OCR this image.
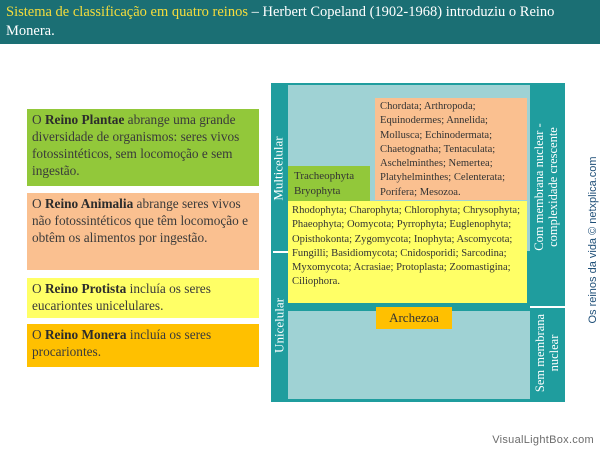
Sistema de classificação em quatro reinos – Herbert Copeland (1902-1968) introduziu o Reino Monera.
O Reino Plantae abrange uma grande diversidade de organismos: seres vivos fotossintéticos, sem locomoção e sem ingestão.
O Reino Animalia abrange seres vivos não fotossintéticos que têm locomoção e obtêm os alimentos por ingestão.
O Reino Protista incluía os seres eucariontes unicelulares.
O Reino Monera incluía os seres procariontes.
Chordata; Arthropoda; Equinodermes; Annelida; Mollusca; Echinodermata; Chaetognatha; Tentaculata; Aschelminthes; Nemertea; Platyhelminthes; Celenterata; Porífera; Mesozoa.
Tracheophyta
Bryophyta
Rhodophyta; Charophyta; Chlorophyta; Chrysophyta; Phaeophyta; Oomycota; Pyrrophyta; Euglenophyta; Opisthokonta; Zygomycota; Inophyta; Ascomycota; Fungilli; Basidiomycota; Cnidosporidi; Sarcodina; Myxomycota; Acrasiae; Protoplasta; Zoomastigina; Ciliophora.
Archezoa
Multicelular
Unicelular
Com membrana nuclear - complexidade crescente
Sem membrana nuclear
Os reinos da vida © netxplica.com
VisualLightBox.com
